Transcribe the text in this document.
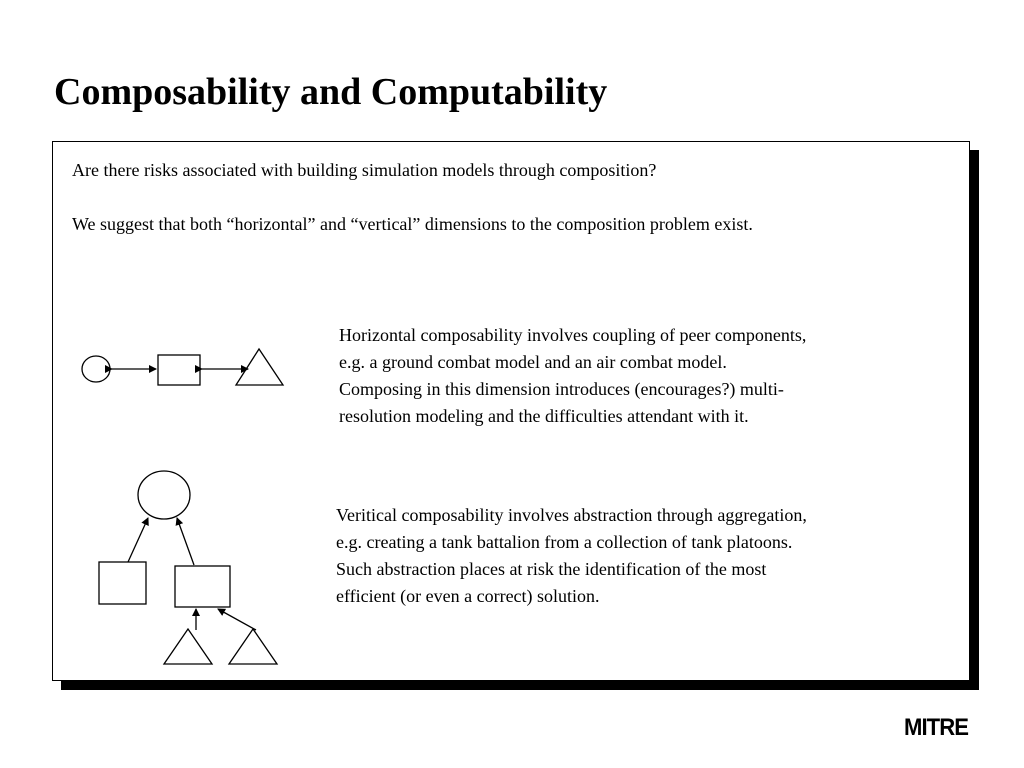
Composability and Computability

Are there risks associated with building simulation models through composition?

We suggest that both “horizontal” and “vertical” dimensions to the composition problem exist.

Horizontal composability involves coupling of peer components,
e.g. a ground combat model and an air combat model.
Composing in this dimension introduces (encourages?) multi-
resolution modeling and the difficulties attendant with it.
Veritical composability involves abstraction through aggregation,
e.g. creating a tank battalion from a collection of tank platoons.
Such abstraction places at risk the identification of the most
efficient (or even a correct) solution.
MITRE
